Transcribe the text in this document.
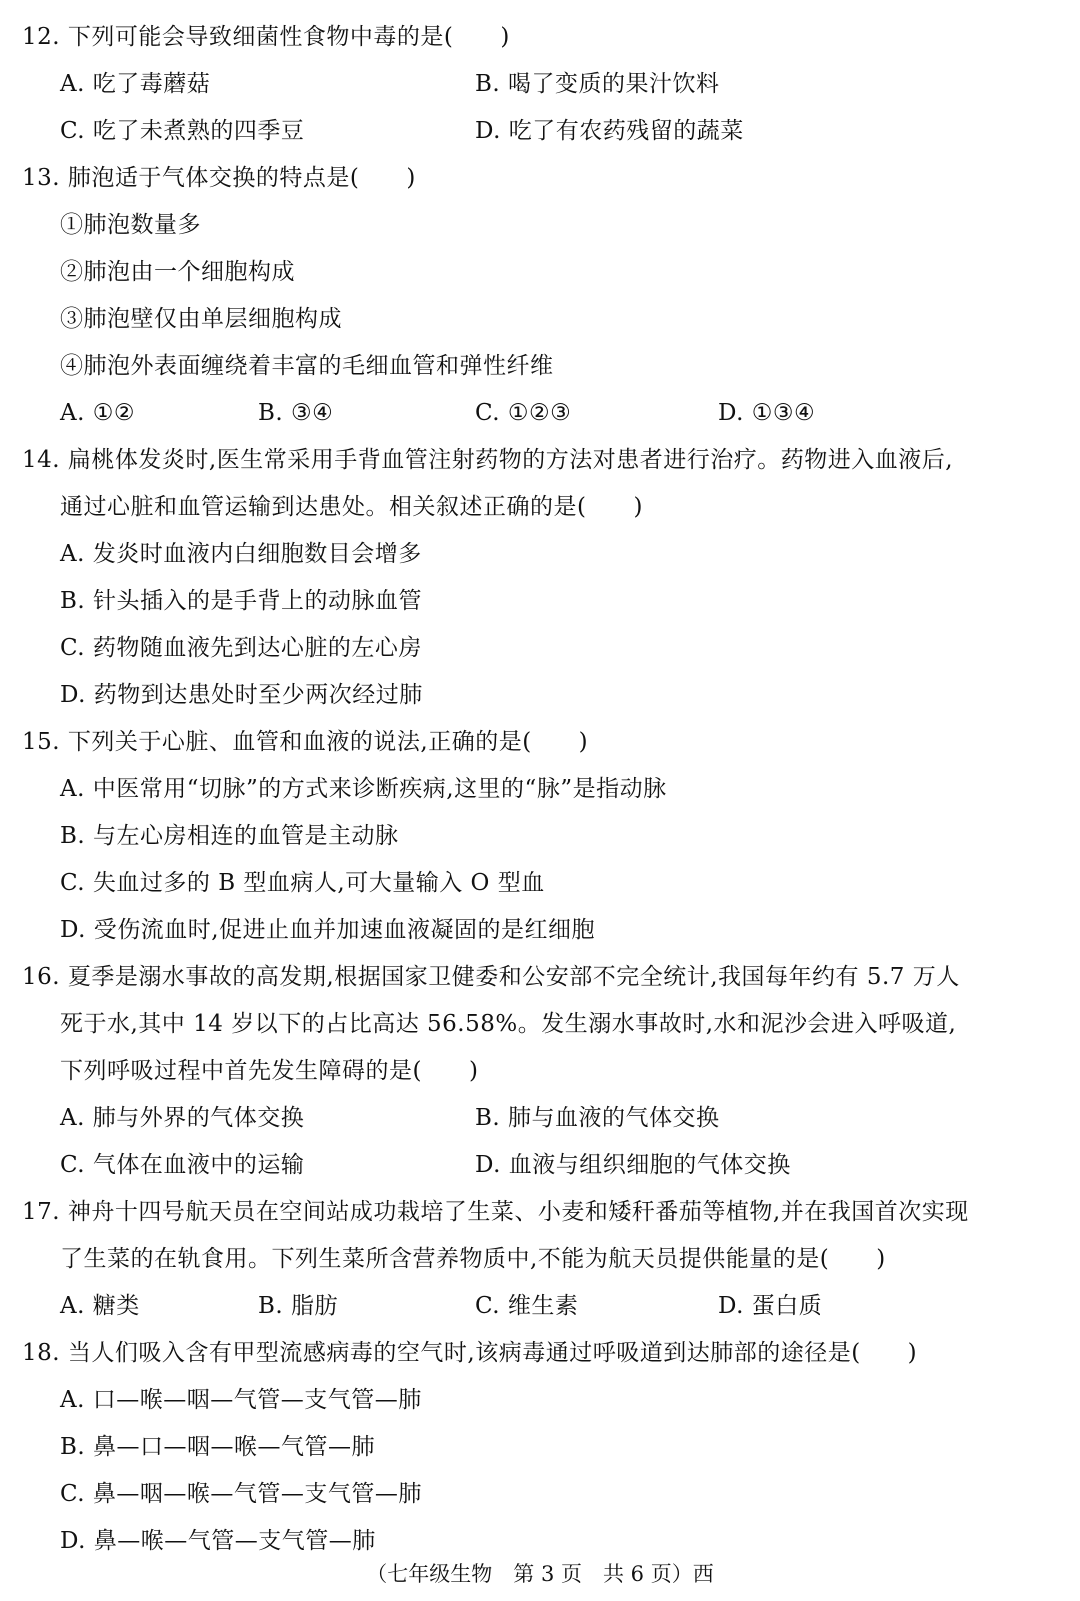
12. 下列可能会导致细菌性食物中毒的是(　　)
A. 吃了毒蘑菇	B. 喝了变质的果汁饮料
C. 吃了未煮熟的四季豆	D. 吃了有农药残留的蔬菜
13. 肺泡适于气体交换的特点是(　　)
①肺泡数量多
②肺泡由一个细胞构成
③肺泡壁仅由单层细胞构成
④肺泡外表面缠绕着丰富的毛细血管和弹性纤维
A. ①②	B. ③④	C. ①②③	D. ①③④
14. 扁桃体发炎时,医生常采用手背血管注射药物的方法对患者进行治疗。药物进入血液后,
通过心脏和血管运输到达患处。相关叙述正确的是(　　)
A. 发炎时血液内白细胞数目会增多
B. 针头插入的是手背上的动脉血管
C. 药物随血液先到达心脏的左心房
D. 药物到达患处时至少两次经过肺
15. 下列关于心脏、血管和血液的说法,正确的是(　　)
A. 中医常用“切脉”的方式来诊断疾病,这里的“脉”是指动脉
B. 与左心房相连的血管是主动脉
C. 失血过多的 B 型血病人,可大量输入 O 型血
D. 受伤流血时,促进止血并加速血液凝固的是红细胞
16. 夏季是溺水事故的高发期,根据国家卫健委和公安部不完全统计,我国每年约有 5.7 万人
死于水,其中 14 岁以下的占比高达 56.58%。发生溺水事故时,水和泥沙会进入呼吸道,
下列呼吸过程中首先发生障碍的是(　　)
A. 肺与外界的气体交换	B. 肺与血液的气体交换
C. 气体在血液中的运输	D. 血液与组织细胞的气体交换
17. 神舟十四号航天员在空间站成功栽培了生菜、小麦和矮秆番茄等植物,并在我国首次实现
了生菜的在轨食用。下列生菜所含营养物质中,不能为航天员提供能量的是(　　)
A. 糖类	B. 脂肪	C. 维生素	D. 蛋白质
18. 当人们吸入含有甲型流感病毒的空气时,该病毒通过呼吸道到达肺部的途径是(　　)
A. 口—喉—咽—气管—支气管—肺
B. 鼻—口—咽—喉—气管—肺
C. 鼻—咽—喉—气管—支气管—肺
D. 鼻—喉—气管—支气管—肺
（七年级生物　第 3 页　共 6 页）西
